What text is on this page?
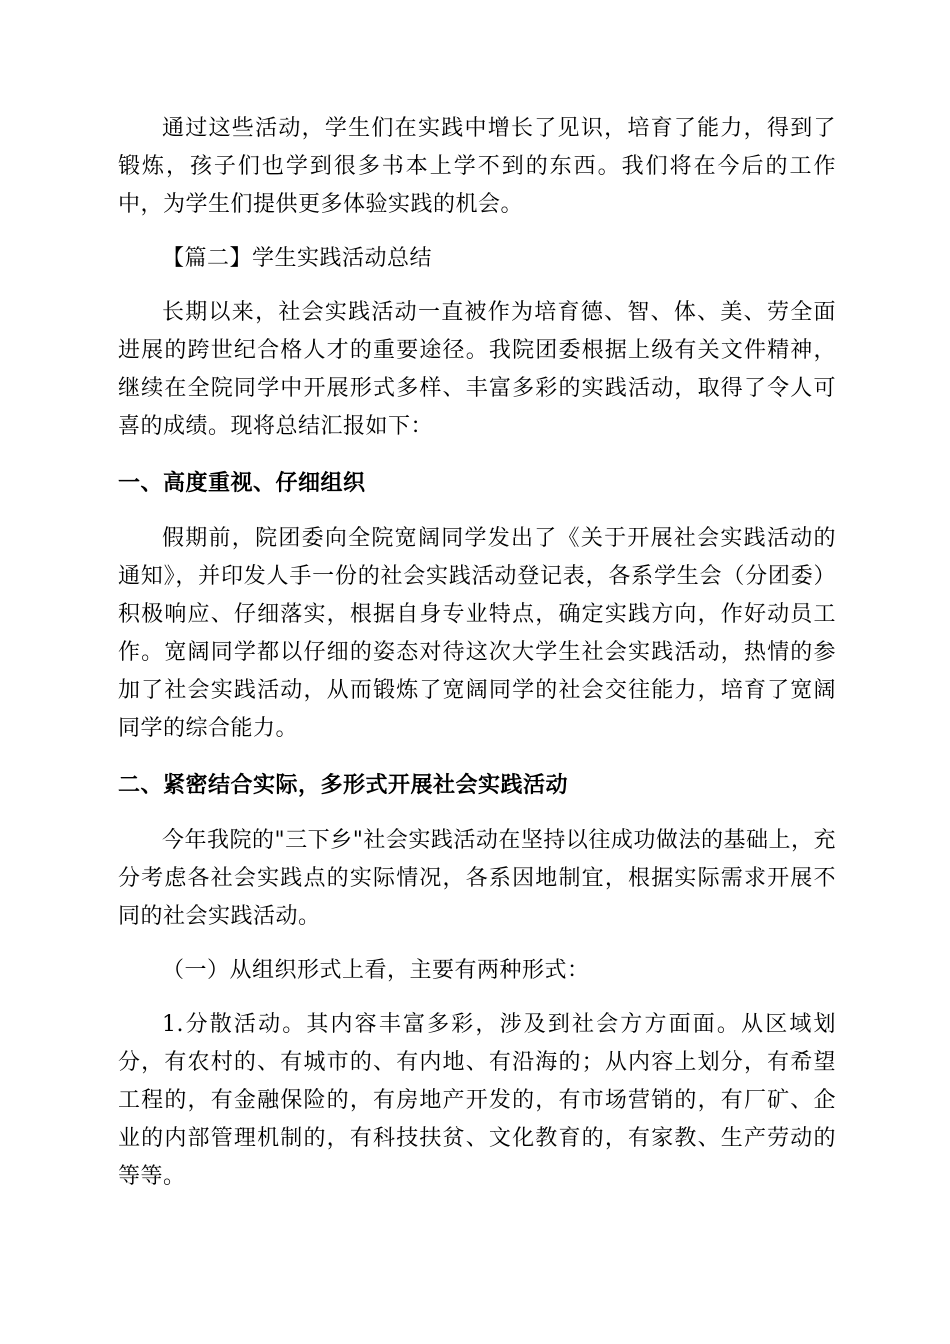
通过这些活动，学生们在实践中增长了见识，培育了能力，得到了锻炼，孩子们也学到很多书本上学不到的东西。我们将在今后的工作中，为学生们提供更多体验实践的机会。

【篇二】学生实践活动总结

长期以来，社会实践活动一直被作为培育德、智、体、美、劳全面进展的跨世纪合格人才的重要途径。我院团委根据上级有关文件精神，继续在全院同学中开展形式多样、丰富多彩的实践活动，取得了令人可喜的成绩。现将总结汇报如下：

一、高度重视、仔细组织

假期前，院团委向全院宽阔同学发出了《关于开展社会实践活动的通知》，并印发人手一份的社会实践活动登记表，各系学生会（分团委）积极响应、仔细落实，根据自身专业特点，确定实践方向，作好动员工作。宽阔同学都以仔细的姿态对待这次大学生社会实践活动，热情的参加了社会实践活动，从而锻炼了宽阔同学的社会交往能力，培育了宽阔同学的综合能力。

二、紧密结合实际，多形式开展社会实践活动

今年我院的"三下乡"社会实践活动在坚持以往成功做法的基础上，充分考虑各社会实践点的实际情况，各系因地制宜，根据实际需求开展不同的社会实践活动。

（一）从组织形式上看，主要有两种形式：

1.分散活动。其内容丰富多彩，涉及到社会方方面面。从区域划分，有农村的、有城市的、有内地、有沿海的；从内容上划分，有希望工程的，有金融保险的，有房地产开发的，有市场营销的，有厂矿、企业的内部管理机制的，有科技扶贫、文化教育的，有家教、生产劳动的等等。
